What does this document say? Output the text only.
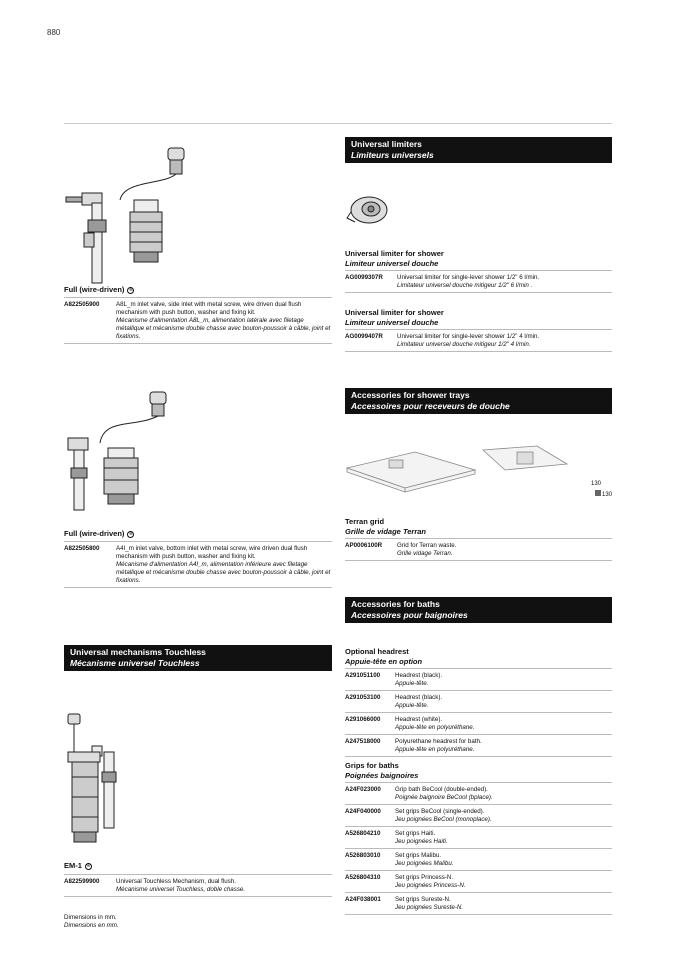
880
Full (wire-driven) ®
A822505900	A8L_m inlet valve, side inlet with metal screw, wire driven dual flush mechanism with push button, washer and fixing kit.
Mécanisme d'alimentation A8L_m, alimentation latérale avec filetage métallique et mécanisme double chasse avec bouton-poussoir à câble, joint et fixations.
Universal limiters
Limiteurs universels
Universal limiter for shower
Limiteur universel douche
AG0099307R	Universal limiter for single-lever shower 1/2" 6 l/min.
Limitateur universel douche mitigeur 1/2" 6 l/min .
Universal limiter for shower
Limiteur universel douche
AG0099407R	Universal limiter for single-lever shower 1/2" 4 l/min.
Limitateur universel douche mitigeur 1/2" 4 l/min.
Full (wire-driven) ®
A822505800	A4I_m inlet valve, bottom inlet with metal screw, wire driven dual flush mechanism with push button, washer and fixing kit.
Mécanisme d'alimentation A4I_m, alimentation inférieure avec filetage métallique et mécanisme double chasse avec bouton-poussoir à câble, joint et fixations.
Accessories for shower trays
Accessoires pour receveurs de douche
130
130
Terran grid
Grille de vidage Terran
AP0006100R	Grid for Terran waste.
Grille vidage Terran.
Accessories for baths
Accessoires pour baignoires
Optional headrest
Appuie-tête en option
A291051100	Headrest (black).
Appuie-tête.
A291053100	Headrest (black).
Appuie-tête.
A291066000	Headrest (white).
Appuie-tête en polyuréthane.
A247518000	Polyurethane headrest for bath.
Appuie-tête en polyuréthane.
Grips for baths
Poignées baignoires
A24F023000	Grip bath BeCool (double-ended).
Poignée baignoire BeCool (bplace).
A24F040000	Set grips BeCool (single-ended).
Jeu poignées BeCool (monoplace).
A526804210	Set grips Haiti.
Jeu poignées Haiti.
A526803010	Set grips Malibu.
Jeu poignées Malibu.
A526804310	Set grips Princess-N.
Jeu poignées Princess-N.
A24F038001	Set grips Sureste-N.
Jeu poignées Sureste-N.
Universal mechanisms Touchless
Mécanisme universel Touchless
EM-1 ®
A822599900	Universal Touchless Mechanism, dual flush.
Mécanisme universel Touchless, doble chasse.
Dimensions in mm.
Dimensions en mm.
